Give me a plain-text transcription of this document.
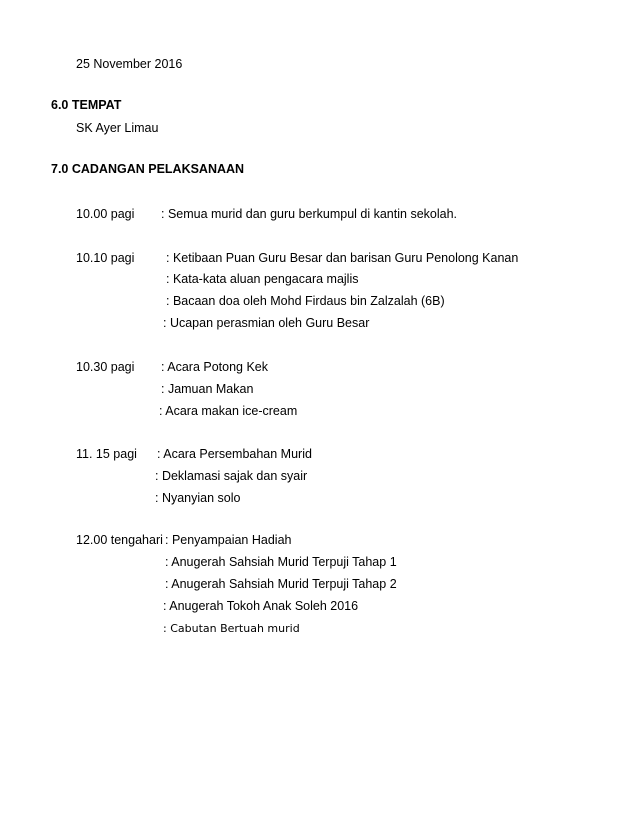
25 November 2016
6.0 TEMPAT
SK Ayer Limau
7.0 CADANGAN PELAKSANAAN
10.00 pagi : Semua murid dan guru berkumpul di kantin sekolah.
10.10 pagi	: Ketibaan Puan Guru Besar dan barisan Guru Penolong Kanan
: Kata-kata aluan pengacara majlis
: Bacaan doa oleh Mohd Firdaus bin Zalzalah (6B)
: Ucapan perasmian oleh Guru Besar
10.30 pagi : Acara Potong Kek
: Jamuan Makan
: Acara makan ice-cream
11. 15 pagi : Acara Persembahan Murid
: Deklamasi sajak dan syair
: Nyanyian solo
12.00 tengahari : Penyampaian Hadiah
: Anugerah Sahsiah Murid Terpuji Tahap 1
: Anugerah Sahsiah Murid Terpuji Tahap 2
: Anugerah Tokoh Anak Soleh 2016
: Cabutan Bertuah murid
